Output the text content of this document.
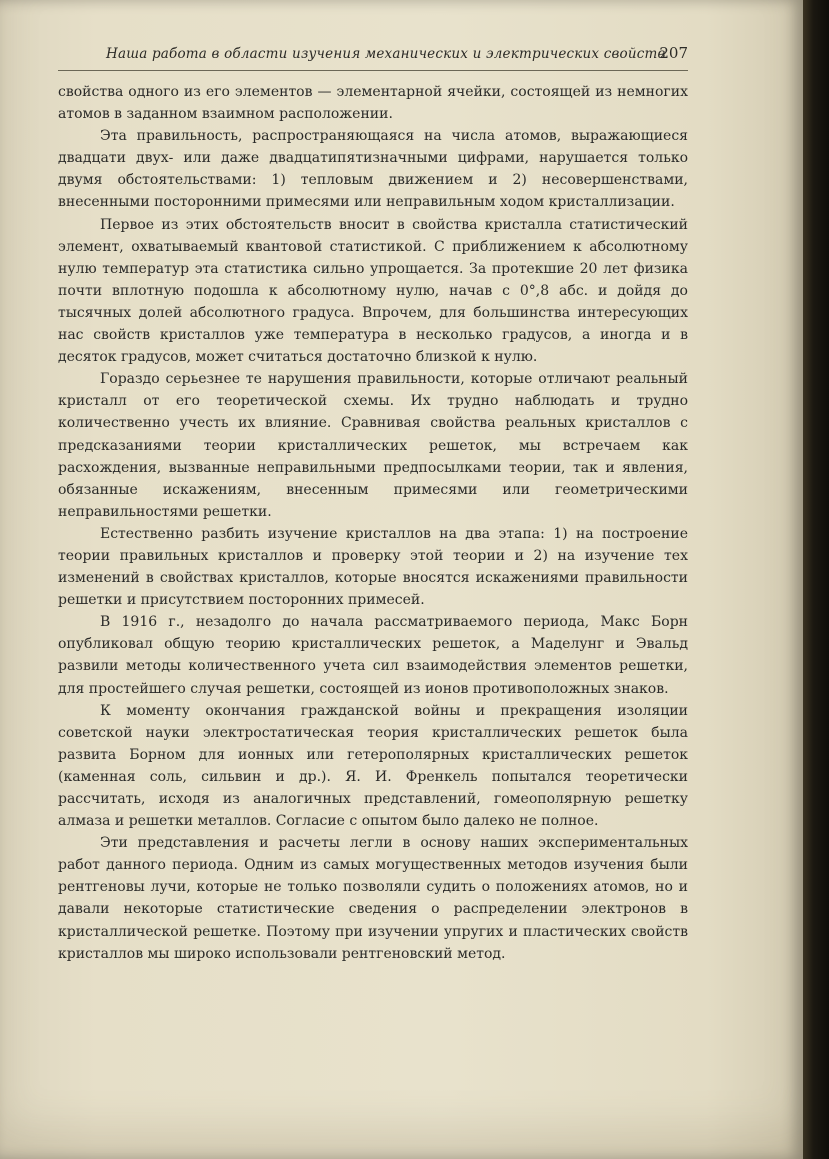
Наша работа в области изучения механических и электрических свойств
207

свойства одного из его элементов — элементарной ячейки, состоящей из немногих атомов в заданном взаимном расположении.

Эта правильность, распространяющаяся на числа атомов, выражающиеся двадцати двух- или даже двадцатипятизначными цифрами, нарушается только двумя обстоятельствами: 1) тепловым движением и 2) несовершенствами, внесенными посторонними примесями или неправильным ходом кристаллизации.

Первое из этих обстоятельств вносит в свойства кристалла статистический элемент, охватываемый квантовой статистикой. С приближением к абсолютному нулю температур эта статистика сильно упрощается. За протекшие 20 лет физика почти вплотную подошла к абсолютному нулю, начав с 0°,8 абс. и дойдя до тысячных долей абсолютного градуса. Впрочем, для большинства интересующих нас свойств кристаллов уже температура в несколько градусов, а иногда и в десяток градусов, может считаться достаточно близкой к нулю.

Гораздо серьезнее те нарушения правильности, которые отличают реальный кристалл от его теоретической схемы. Их трудно наблюдать и трудно количественно учесть их влияние. Сравнивая свойства реальных кристаллов с предсказаниями теории кристаллических решеток, мы встречаем как расхождения, вызванные неправильными предпосылками теории, так и явления, обязанные искажениям, внесенным примесями или геометрическими неправильностями решетки.

Естественно разбить изучение кристаллов на два этапа: 1) на построение теории правильных кристаллов и проверку этой теории и 2) на изучение тех изменений в свойствах кристаллов, которые вносятся искажениями правильности решетки и присутствием посторонних примесей.

В 1916 г., незадолго до начала рассматриваемого периода, Макс Борн опубликовал общую теорию кристаллических решеток, а Маделунг и Эвальд развили методы количественного учета сил взаимодействия элементов решетки, для простейшего случая решетки, состоящей из ионов противоположных знаков.

К моменту окончания гражданской войны и прекращения изоляции советской науки электростатическая теория кристаллических решеток была развита Борном для ионных или гетерополярных кристаллических решеток (каменная соль, сильвин и др.). Я. И. Френкель попытался теоретически рассчитать, исходя из аналогичных представлений, гомеополярную решетку алмаза и решетки металлов. Согласие с опытом было далеко не полное.

Эти представления и расчеты легли в основу наших экспериментальных работ данного периода. Одним из самых могущественных методов изучения были рентгеновы лучи, которые не только позволяли судить о положениях атомов, но и давали некоторые статистические сведения о распределении электронов в кристаллической решетке. Поэтому при изучении упругих и пластических свойств кристаллов мы широко использовали рентгеновский метод.
